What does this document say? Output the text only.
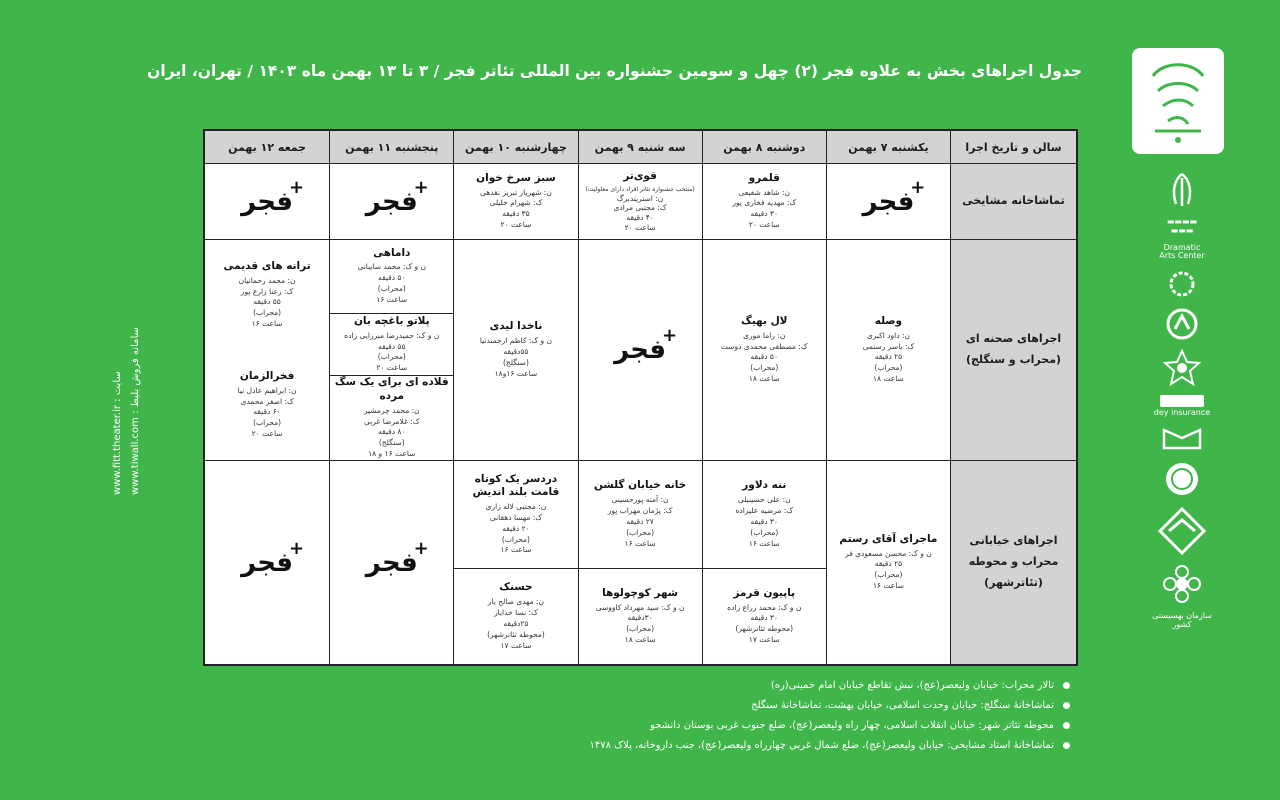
جدول اجراهای بخش به علاوه فجر (۲) چهل و سومین جشنواره بین المللی تئاتر فجر / ۳ تا ۱۳ بهمن ماه ۱۴۰۳ / تهران، ایران
▬▬▬▬
▬▬▬
Dramatic
Arts Center
dey insurance
سازمان بهسیستی کشور
www.fitt.theater.ir : سایت
www.tiwall.com : سامانه فروش بلیط
سالن و تاریخ اجرا
یکشنبه ۷ بهمن
دوشنبه ۸ بهمن
سه شنبه ۹ بهمن
چهارشنبه ۱۰ بهمن
پنجشنبه ۱۱ بهمن
جمعه ۱۲ بهمن
تماشاخانه مشایخی
فجر
+
قلمرو
ن: شاهد شفیعی
ک: مهدیه فخاری پور
۳۰ دقیقه
ساعت ۲۰
قوی‌تر
(منتخب جشنواره تئاتر افراد دارای معلولیت)
ن: استریندبرگ
ک: مجتبی مرادی
۴۰ دقیقه
ساعت ۲۰
سبز سرخ خوان
ن: شهریار تبریز نقدهی
ک: شهرام خلیلی
۳۵ دقیقه
ساعت ۲۰
فجر
+
فجر
+
اجراهای صحنه ای
(محراب و سنگلج)
وصله
ن: داود اکبری
ک: یاسر رستمی
۲۵ دقیقه
(محراب)
ساعت ۱۸
لال بهیگ
ن: راما موری
ک: مصطفی محمدی دوست
۵۰ دقیقه
(محراب)
ساعت ۱۸
فجر
+
ناخدا لیدی
ن و ک: کاظم ارجمندنیا
۵۵دقیقه
(سنگلج)
ساعت ۱۶و۱۸
داماهی
ن و ک: محمد سایبانی
۵۰ دقیقه
(محراب)
ساعت ۱۶
پلاتو باغچه بان
ن و ک: حمیدرضا میرزایی زاده
۵۵ دقیقه
(محراب)
ساعت ۲۰
قلاده ای برای یک سگ مرده
ن: محمد چرمشیر
ک: غلامرضا غربی
۸۰ دقیقه
(سنگلج)
ساعت ۱۶ و ۱۸
ترانه های قدیمی
ن: محمد رحمانیان
ک: رعنا زارع پور
۵۵ دقیقه
(محراب)
ساعت ۱۶
فخرالزمان
ن: ابراهیم عادل نیا
ک: اصغر محمدی
۶۰ دقیقه
(محراب)
ساعت ۲۰
اجراهای خیابانی
محراب و محوطه
(تئاترشهر)
ماجرای آقای رستم
ن و ک: محسن مسعودی فر
۲۵ دقیقه
(محراب)
ساعت ۱۶
ننه دلاور
ن: علی حسینیلی
ک: مرضیه علیزاده
۳۰ دقیقه
(محراب)
ساعت ۱۶
پاپیون قرمز
ن و ک: محمد زراع زاده
۳۰ دقیقه
(محوطه تئاترشهر)
ساعت ۱۷
خانه خیابان گلشن
ن: آمنه پورحسینی
ک: پژمان مهراب پور
۲۷ دقیقه
(محراب)
ساعت ۱۶
شهر کوچولوها
ن و ک: سید مهرداد کاووسی
۳۰دقیقه
(محراب)
ساعت ۱۸
دردسر یک کوتاه قامت بلند اندیش
ن: مجتبی لاله زاری
ک: مهسا دهقانی
۲۰ دقیقه
(محراب)
ساعت ۱۶
حسنک
ن: مهدی صالح یار
ک: نسا خدایار
۲۵دقیقه
(محوطه تئاترشهر)
ساعت ۱۷
فجر
+
فجر
+
تالار محراب: خیابان ولیعصر(عج)، نبش تقاطع خیابان امام خمینی(ره)
تماشاخانهٔ سنگلج: خیابان وحدت اسلامی، خیابان بهشت، تماشاخانهٔ سنگلج
محوطه تئاتر شهر: خیابان انقلاب اسلامی، چهار راه ولیعصر(عج)، ضلع جنوب غربی بوستان دانشجو
تماشاخانهٔ استاد مشایخی: خیابان ولیعصر(عج)، ضلع شمال غربی چهارراه ولیعصر(عج)، جنب داروخانه، پلاک ۱۴۷۸
